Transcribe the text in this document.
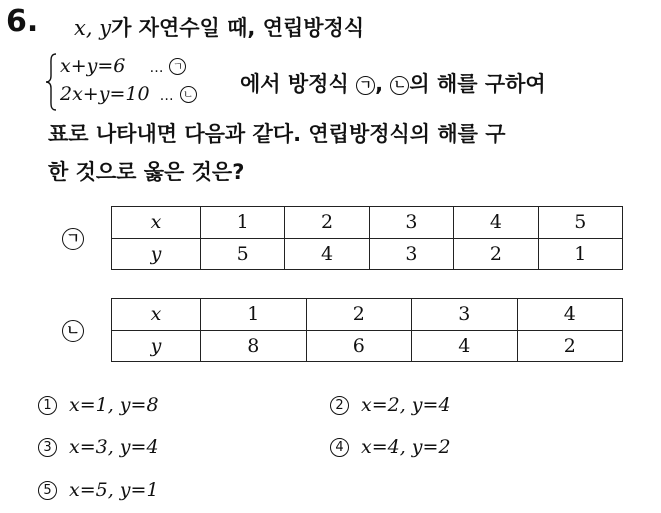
6. x, y가 자연수일 때, 연립방정식
x+y=6 … ㄱ
2x+y=10 … ㄴ 에서 방정식 ㄱ , ㄴ 의 해를 구하여
표로 나타내면 다음과 같다. 연립방정식의 해를 구
한 것으로 옳은 것은?
ㄱ
x	1	2	3	4	5
y	5	4	3	2	1
ㄴ
x	1	2	3	4
y	8	6	4	2
1 x=1, y=8	2 x=2, y=4
3 x=3, y=4	4 x=4, y=2
5 x=5, y=1
